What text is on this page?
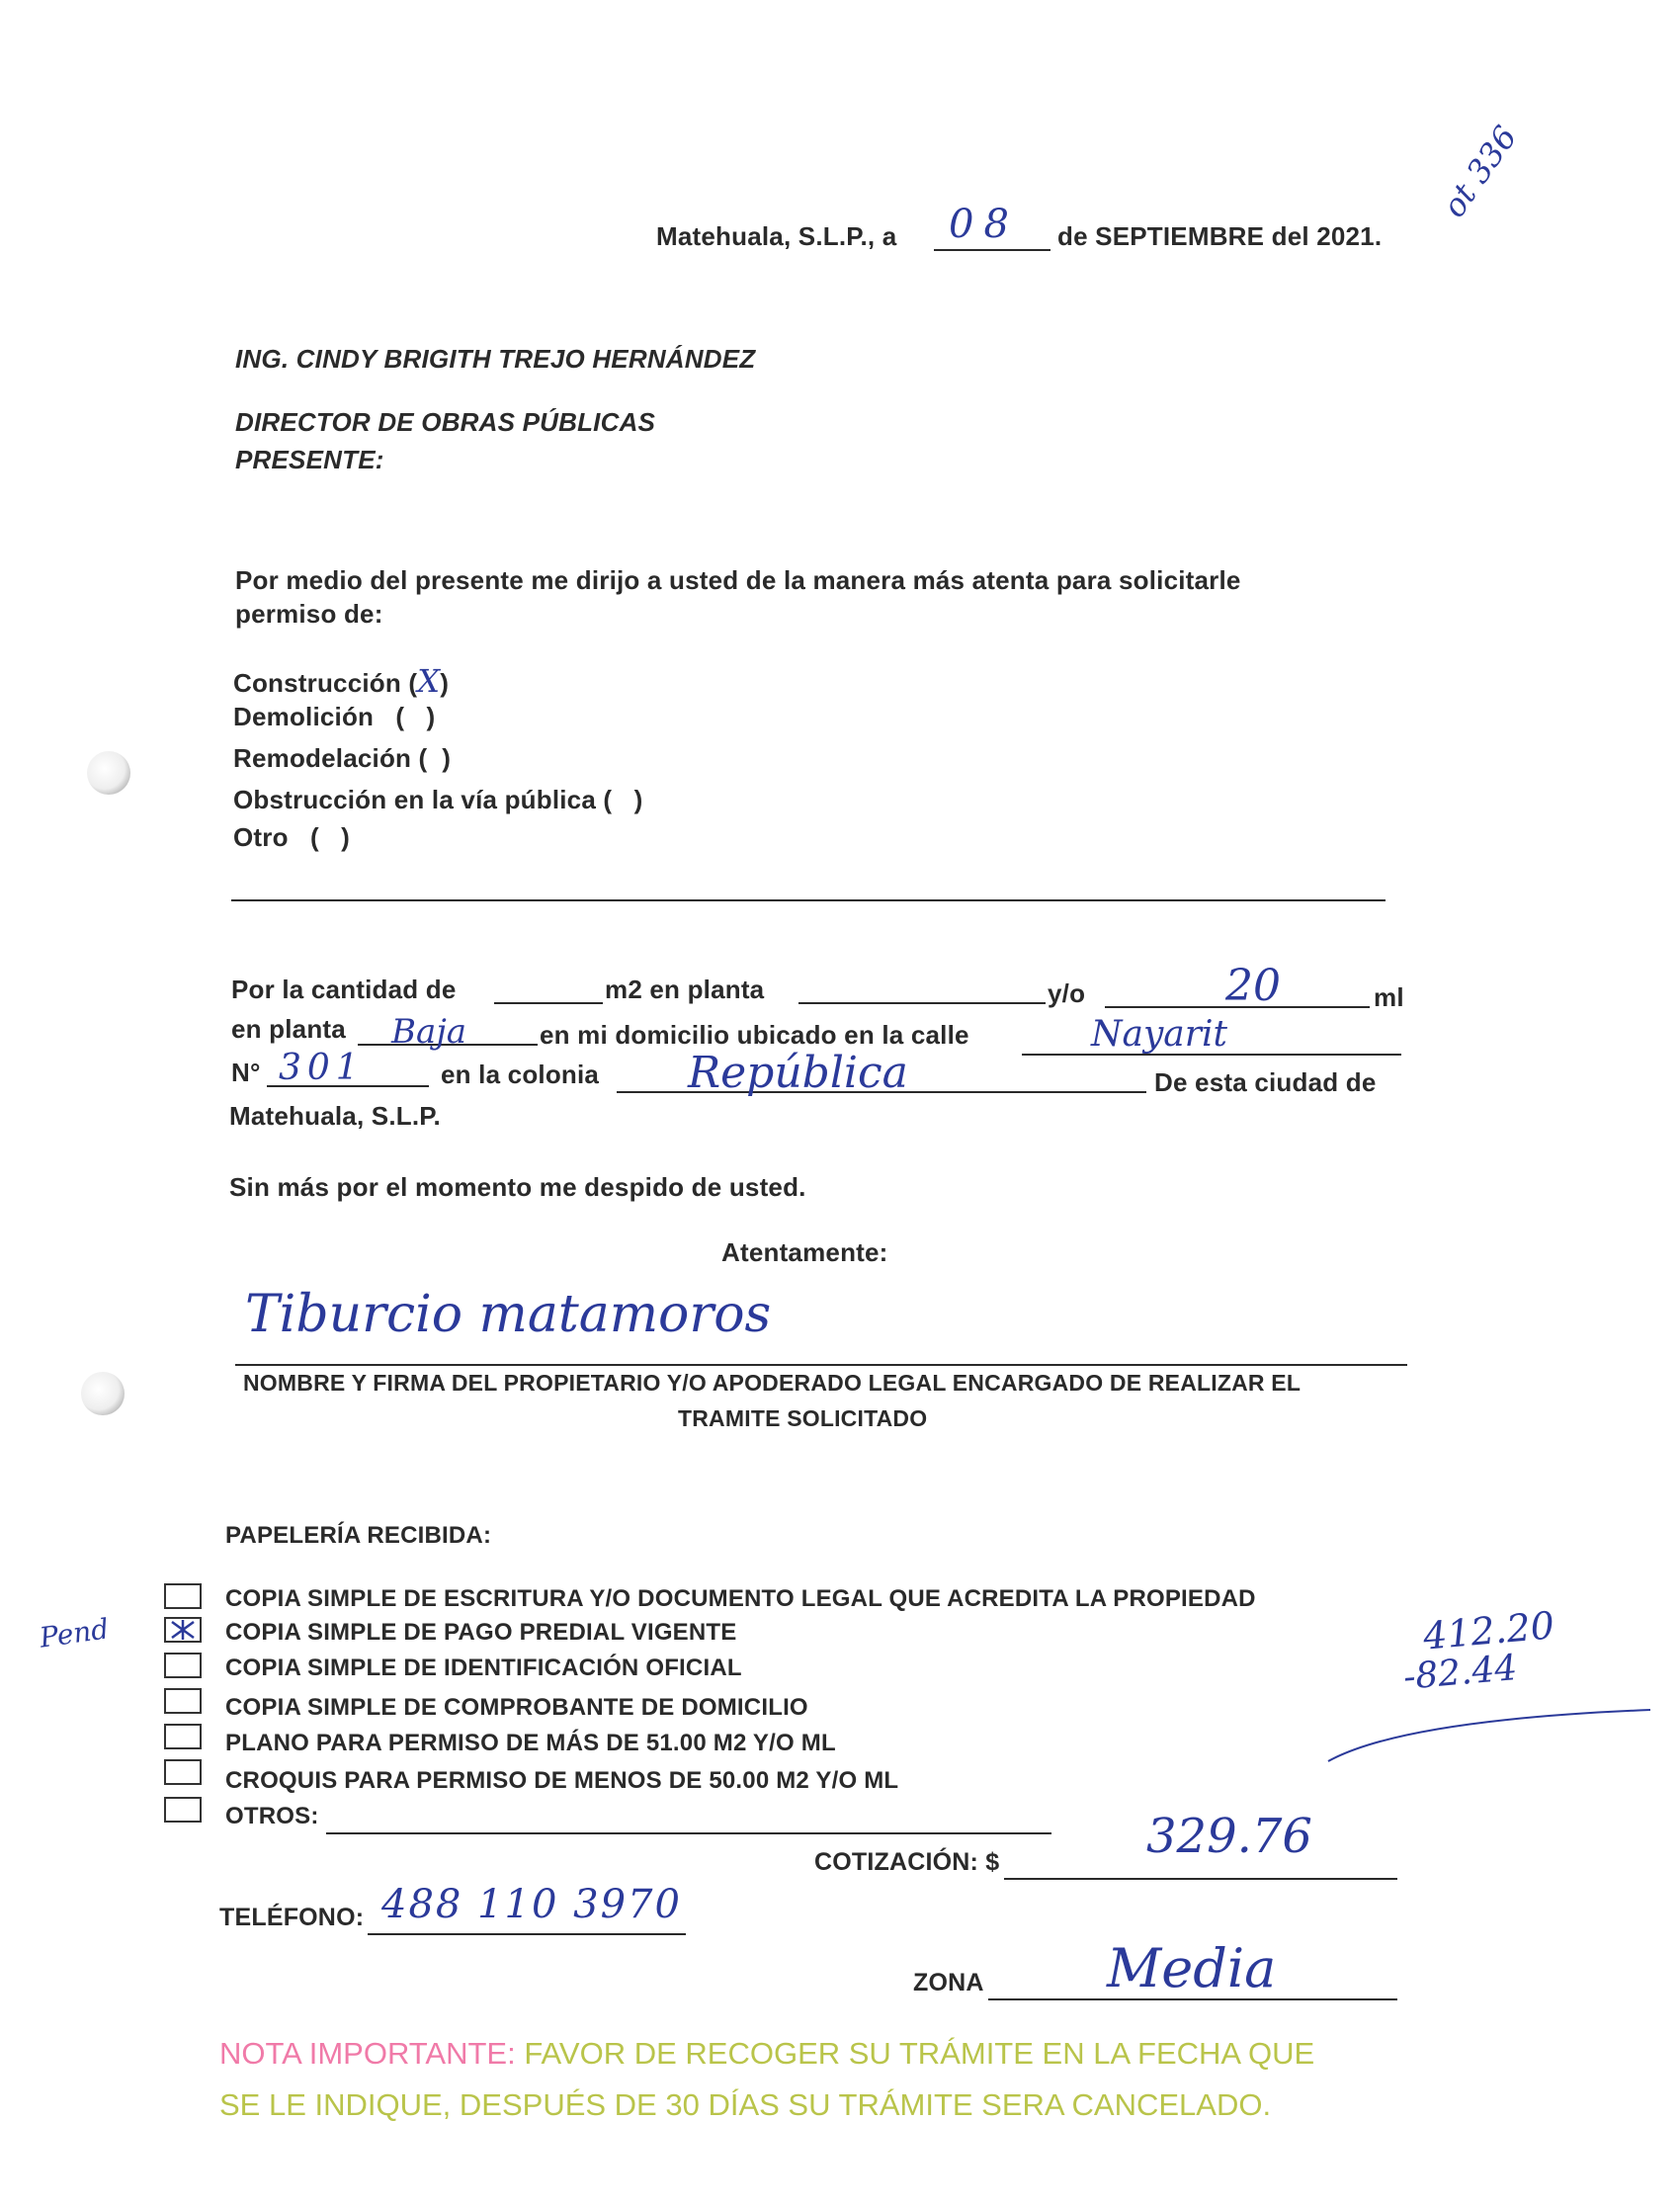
Matehuala, S.L.P., a 08 de SEPTIEMBRE del 2021.
ot 336
ING. CINDY BRIGITH TREJO HERNÁNDEZ
DIRECTOR DE OBRAS PÚBLICAS
PRESENTE:
Por medio del presente me dirijo a usted de la manera más atenta para solicitarle
permiso de:
Construcción (X)
Demolición (   )
Remodelación ( )
Obstrucción en la vía pública ( )
Otro (   )
Por la cantidad de	m2 en planta	y/o	20	ml
en planta Baja	en mi domicilio ubicado en la calle	Nayarit
N° 301	en la colonia República	De esta ciudad de
Matehuala, S.L.P.
Sin más por el momento me despido de usted.
Atentamente:
Tiburcio matamoros
NOMBRE Y FIRMA DEL PROPIETARIO Y/O APODERADO LEGAL ENCARGADO DE REALIZAR EL
TRAMITE SOLICITADO
PAPELERÍA RECIBIDA:
COPIA SIMPLE DE ESCRITURA Y/O DOCUMENTO LEGAL QUE ACREDITA LA PROPIEDAD
COPIA SIMPLE DE PAGO PREDIAL VIGENTE
Pend
COPIA SIMPLE DE IDENTIFICACIÓN OFICIAL
COPIA SIMPLE DE COMPROBANTE DE DOMICILIO
PLANO PARA PERMISO DE MÁS DE 51.00 M2 Y/O ML
CROQUIS PARA PERMISO DE MENOS DE 50.00 M2 Y/O ML
OTROS:
412.20
-82.44
COTIZACIÓN: $	329.76
TELÉFONO: 488 110 3970
ZONA Media
NOTA IMPORTANTE: FAVOR DE RECOGER SU TRÁMITE EN LA FECHA QUE
SE LE INDIQUE, DESPUÉS DE 30 DÍAS SU TRÁMITE SERA CANCELADO.
